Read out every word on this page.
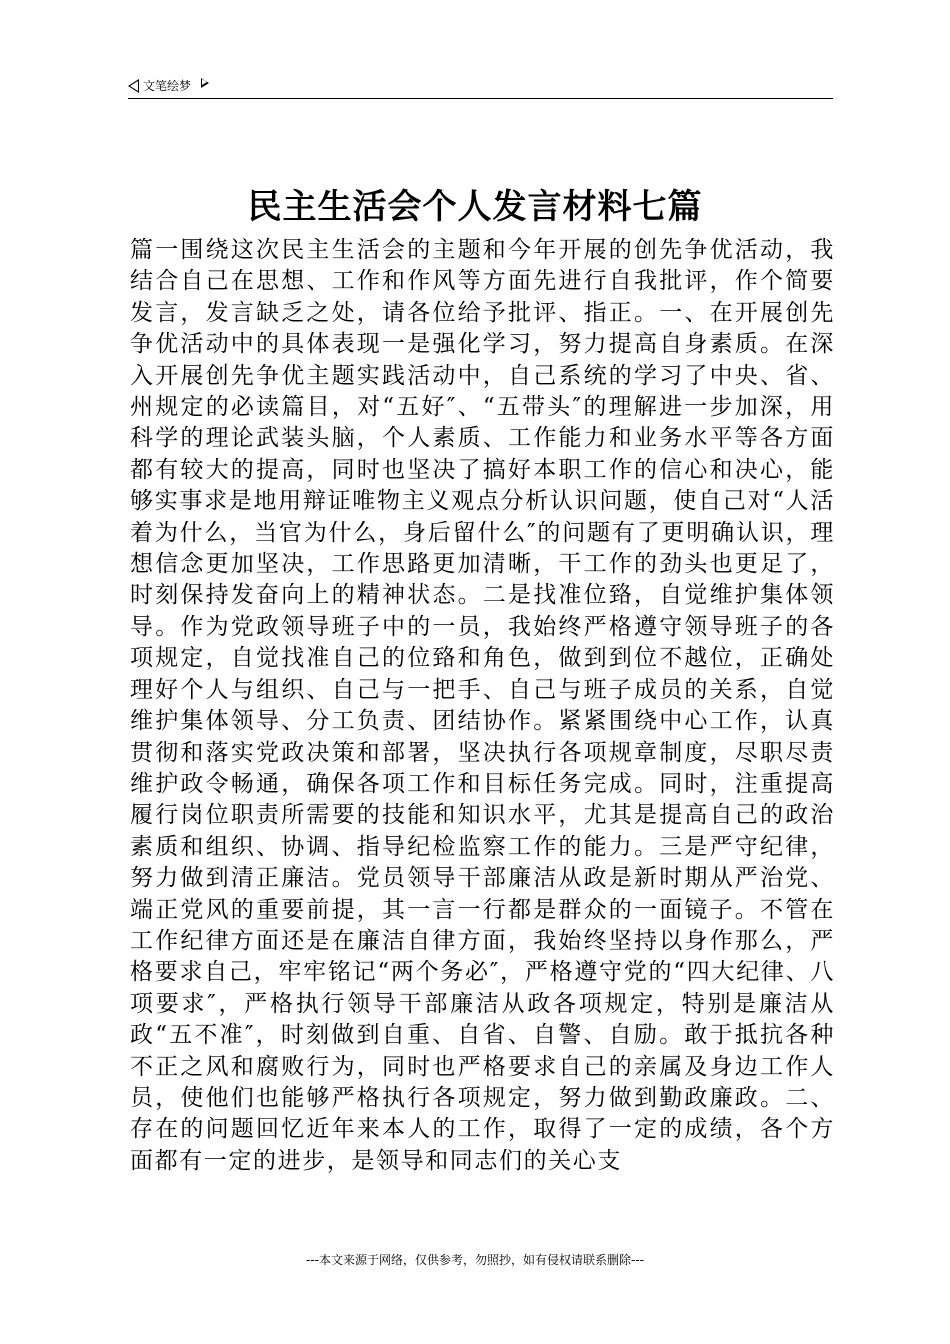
文笔绘梦
民主生活会个人发言材料七篇

篇一围绕这次民主生活会的主题和今年开展的创先争优活动，我结合自己在思想、工作和作风等方面先进行自我批评，作个简要发言，发言缺乏之处，请各位给予批评、指正。一、在开展创先争优活动中的具体表现一是强化学习，努力提高自身素质。在深入开展创先争优主题实践活动中，自己系统的学习了中央、省、州规定的必读篇目，对“五好″、“五带头″的理解进一步加深，用科学的理论武装头脑，个人素质、工作能力和业务水平等各方面都有较大的提高，同时也坚决了搞好本职工作的信心和决心，能够实事求是地用辩证唯物主义观点分析认识问题，使自己对“人活着为什么，当官为什么，身后留什么″的问题有了更明确认识，理想信念更加坚决，工作思路更加清晰，干工作的劲头也更足了，时刻保持发奋向上的精神状态。二是找准位臵，自觉维护集体领导。作为党政领导班子中的一员，我始终严格遵守领导班子的各项规定，自觉找准自己的位臵和角色，做到到位不越位，正确处理好个人与组织、自己与一把手、自己与班子成员的关系，自觉维护集体领导、分工负责、团结协作。紧紧围绕中心工作，认真贯彻和落实党政决策和部署，坚决执行各项规章制度，尽职尽责维护政令畅通，确保各项工作和目标任务完成。同时，注重提高履行岗位职责所需要的技能和知识水平，尤其是提高自己的政治素质和组织、协调、指导纪检监察工作的能力。三是严守纪律，努力做到清正廉洁。党员领导干部廉洁从政是新时期从严治党、端正党风的重要前提，其一言一行都是群众的一面镜子。不管在工作纪律方面还是在廉洁自律方面，我始终坚持以身作那么，严格要求自己，牢牢铭记“两个务必″，严格遵守党的“四大纪律、八项要求″，严格执行领导干部廉洁从政各项规定，特别是廉洁从政“五不准″，时刻做到自重、自省、自警、自励。敢于抵抗各种不正之风和腐败行为，同时也严格要求自己的亲属及身边工作人员，使他们也能够严格执行各项规定，努力做到勤政廉政。二、存在的问题回忆近年来本人的工作，取得了一定的成绩，各个方面都有一定的进步，是领导和同志们的关心支

---本文来源于网络，仅供参考，勿照抄，如有侵权请联系删除---
